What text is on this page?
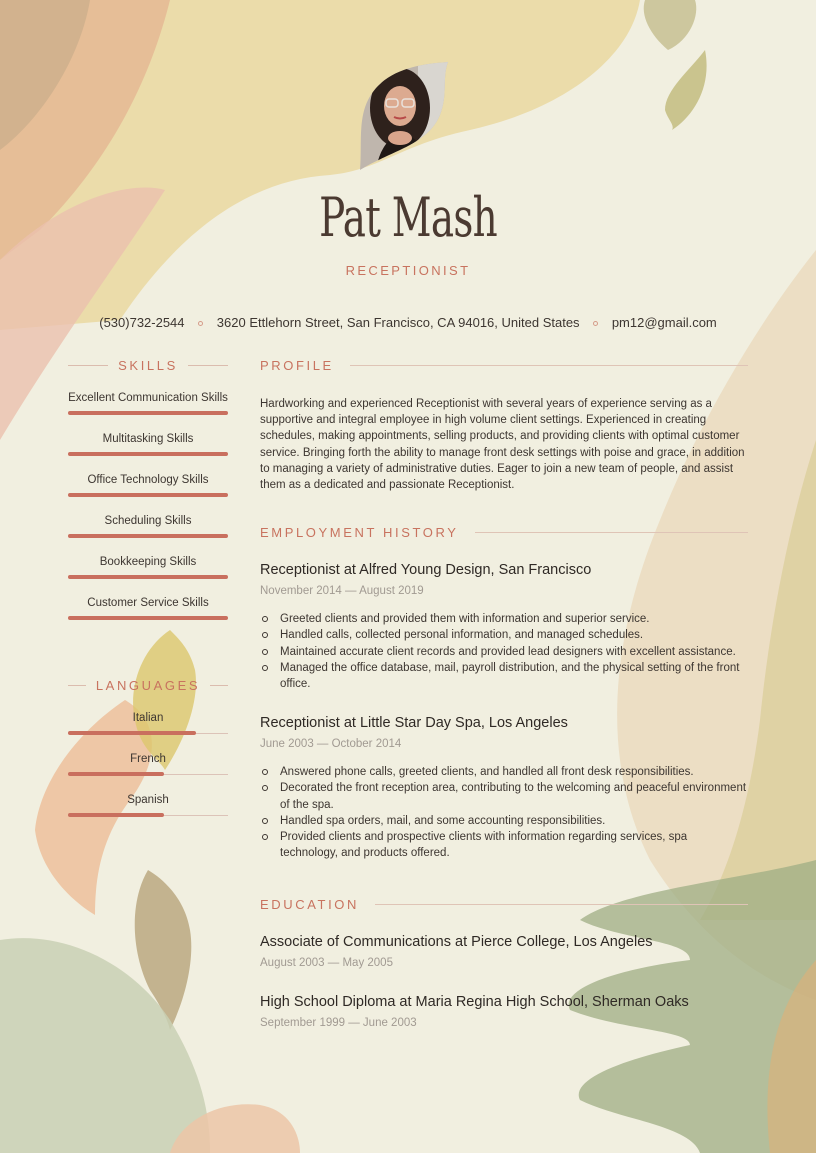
Pat Mash
RECEPTIONIST
(530)732-2544 3620 Ettlehorn Street, San Francisco, CA 94016, United States pm12@gmail.com
SKILLS
Excellent Communication Skills
Multitasking Skills
Office Technology Skills
Scheduling Skills
Bookkeeping Skills
Customer Service Skills
LANGUAGES
Italian
French
Spanish
PROFILE

Hardworking and experienced Receptionist with several years of experience serving as a supportive and integral employee in high volume client settings. Experienced in creating schedules, making appointments, selling products, and providing clients with optimal customer service. Bringing forth the ability to manage front desk settings with poise and grace, in addition to managing a variety of administrative duties. Eager to join a new team of people, and assist them as a dedicated and passionate Receptionist.

EMPLOYMENT HISTORY
Receptionist at Alfred Young Design, San Francisco
November 2014 — August 2019
Greeted clients and provided them with information and superior service.
Handled calls, collected personal information, and managed schedules.
Maintained accurate client records and provided lead designers with excellent assistance.
Managed the office database, mail, payroll distribution, and the physical setting of the front office.
Receptionist at Little Star Day Spa, Los Angeles
June 2003 — October 2014
Answered phone calls, greeted clients, and handled all front desk responsibilities.
Decorated the front reception area, contributing to the welcoming and peaceful environment of the spa.
Handled spa orders, mail, and some accounting responsibilities.
Provided clients and prospective clients with information regarding services, spa technology, and products offered.
EDUCATION
Associate of Communications at Pierce College, Los Angeles
August 2003 — May 2005
High School Diploma at Maria Regina High School, Sherman Oaks
September 1999 — June 2003
